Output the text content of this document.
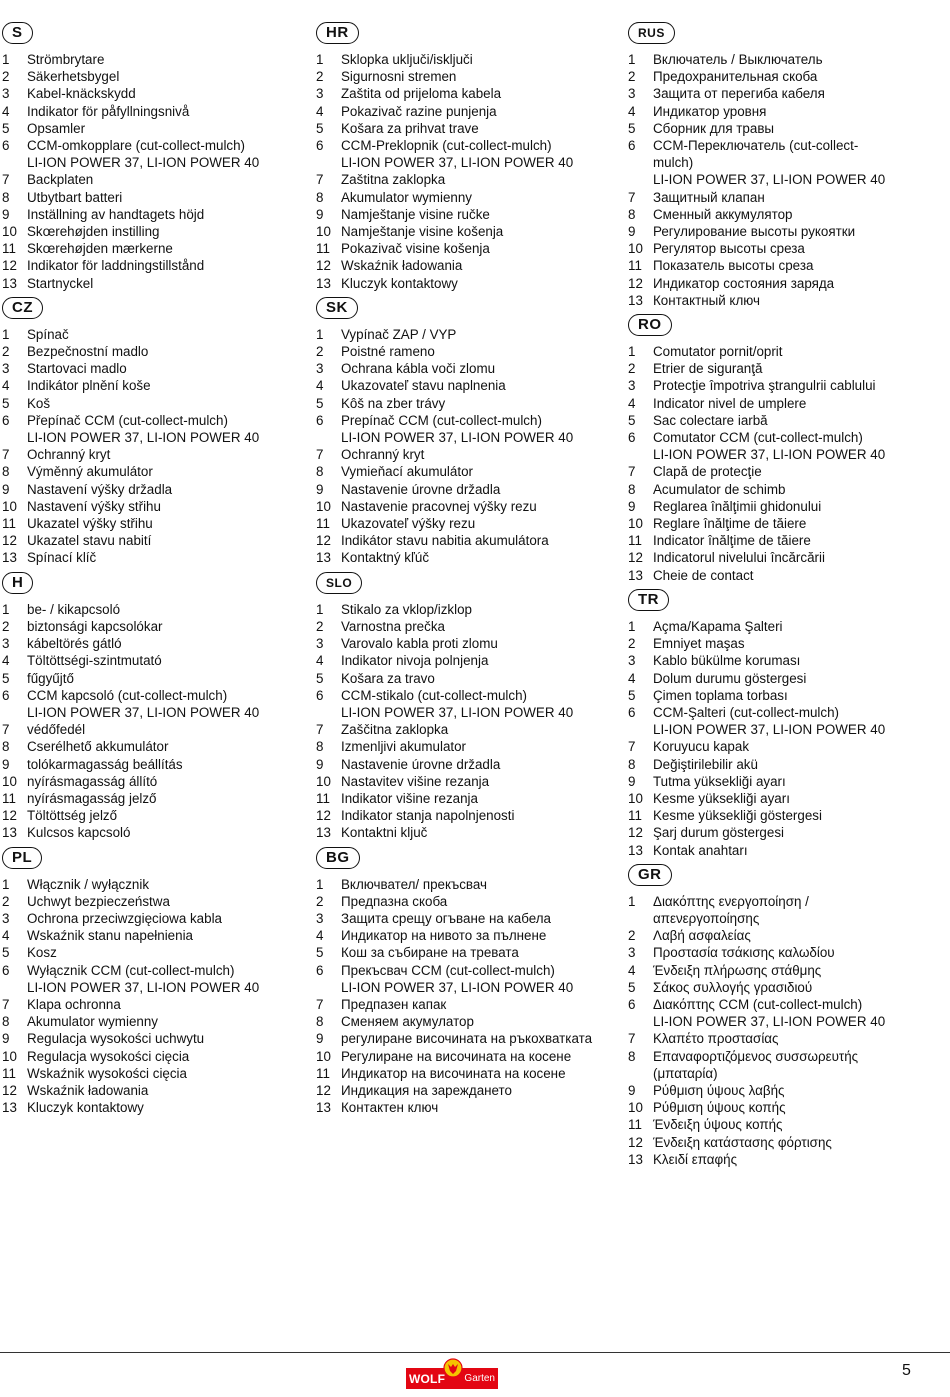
S
1	Strömbrytare
2	Säkerhetsbygel
3	Kabel-knäckskydd
4	Indikator för påfyllningsnivå
5	Opsamler
6	CCM-omkopplare (cut-collect-mulch)
LI-ION POWER 37, LI-ION POWER 40
7	Backplaten
8	Utbytbart batteri
9	Inställning av handtagets höjd
10 Skœrehøjden instilling
11 Skœrehøjden mærkerne
12 Indikator för laddningstillstånd
13 Startnyckel
CZ
1	Spínač
2	Bezpečnostní madlo
3	Startovaci madlo
4	Indikátor plnění koše
5	Koš
6	Přepínač CCM (cut-collect-mulch)
LI-ION POWER 37, LI-ION POWER 40
7	Ochranný kryt
8	Výměnný akumulátor
9	Nastavení výšky držadla
10 Nastavení výšky střihu
11 Ukazatel výšky střihu
12 Ukazatel stavu nabití
13 Spínací klíč
H
1	be- / kikapcsoló
2	biztonsági kapcsolókar
3	kábeltörés gátló
4	Töltöttségi-szintmutató
5	fűgyűjtő
6	CCM kapcsoló (cut-collect-mulch)
LI-ION POWER 37, LI-ION POWER 40
7	védőfedél
8	Cserélhető akkumulátor
9	tolókarmagasság beállítás
10 nyírásmagasság állító
11 nyírásmagasság jelző
12 Töltöttség jelző
13 Kulcsos kapcsoló
PL
1	Włącznik / wyłącznik
2	Uchwyt bezpieczeństwa
3	Ochrona przeciwzgięciowa kabla
4	Wskaźnik stanu napełnienia
5	Kosz
6	Wyłącznik CCM (cut-collect-mulch)
LI-ION POWER 37, LI-ION POWER 40
7	Klapa ochronna
8	Akumulator wymienny
9	Regulacja wysokości uchwytu
10 Regulacja wysokości cięcia
11 Wskaźnik wysokości cięcia
12 Wskaźnik ładowania
13 Kluczyk kontaktowy
HR
1	Sklopka uključi/isključi
2	Sigurnosni stremen
3	Zaštita od prijeloma kabela
4	Pokazivač razine punjenja
5	Košara za prihvat trave
6	CCM-Preklopnik (cut-collect-mulch)
LI-ION POWER 37, LI-ION POWER 40
7	Zaštitna zaklopka
8	Akumulator wymienny
9	Namještanje visine ručke
10 Namještanje visine košenja
11 Pokazivač visine košenja
12 Wskaźnik ładowania
13 Kluczyk kontaktowy
SK
1	Vypínač ZAP / VYP
2	Poistné rameno
3	Ochrana kábla voči zlomu
4	Ukazovateľ stavu naplnenia
5	Kôš na zber trávy
6	Prepínač CCM (cut-collect-mulch)
LI-ION POWER 37, LI-ION POWER 40
7	Ochranný kryt
8	Vymieňací akumulátor
9	Nastavenie úrovne držadla
10 Nastavenie pracovnej výšky rezu
11 Ukazovateľ výšky rezu
12 Indikátor stavu nabitia akumulátora
13 Kontaktný kľúč
SLO
1	Stikalo za vklop/izklop
2	Varnostna prečka
3	Varovalo kabla proti zlomu
4	Indikator nivoja polnjenja
5	Košara za travo
6	CCM-stikalo (cut-collect-mulch)
LI-ION POWER 37, LI-ION POWER 40
7	Zaščitna zaklopka
8	Izmenljivi akumulator
9	Nastavenie úrovne držadla
10 Nastavitev višine rezanja
11 Indikator višine rezanja
12 Indikator stanja napolnjenosti
13 Kontaktni ključ
BG
1	Включвател/ прекъсвач
2	Предпазна скоба
3	Защита срещу огъване на кабела
4	Индикатор на нивото за пълнене
5	Кош за събиране на тревата
6	Прекъсвач CCM (cut-collect-mulch)
LI-ION POWER 37, LI-ION POWER 40
7	Предпазен капак
8	Сменяем акумулатор
9	регулиране височината на ръкохватката
10 Регулиране на височината на косене
11 Индикатор на височината на косене
12 Индикация на зареждането
13 Контактен ключ
RUS
1	Включатель / Выключатель
2	Предохранительная скоба
3	Защита от перегиба кабеля
4	Индикатор уровня
5	Сборник для травы
6	CCM-Переключатель (cut-collect-
mulch)
LI-ION POWER 37, LI-ION POWER 40
7	Защитный клапан
8	Сменный аккумулятор
9	Регулирование высоты рукоятки
10 Регулятор высоты среза
11 Показатель высоты среза
12 Индикатор состояния заряда
13 Контактный ключ
RO
1	Comutator pornit/oprit
2	Etrier de siguranţă
3	Protecţie împotriva ştrangulrii cablului
4	Indicator nivel de umplere
5	Sac colectare iarbă
6	Comutator CCM (cut-collect-mulch)
LI-ION POWER 37, LI-ION POWER 40
7	Clapă de protecţie
8	Acumulator de schimb
9	Reglarea înălţimii ghidonului
10 Reglare înălţime de tăiere
11 Indicator înălţime de tăiere
12 Indicatorul nivelului încărcării
13 Cheie de contact
TR
1	Açma/Kapama Şalteri
2	Emniyet maşas
3	Kablo bükülme koruması
4	Dolum durumu göstergesi
5	Çimen toplama torbası
6	CCM-Şalteri (cut-collect-mulch)
LI-ION POWER 37, LI-ION POWER 40
7	Koruyucu kapak
8	Değiştirilebilir akü
9	Tutma yüksekliği ayarı
10 Kesme yüksekliği ayarı
11 Kesme yüksekliği göstergesi
12 Şarj durum göstergesi
13 Kontak anahtarı
GR
1	Διακόπτης ενεργοποίηση /
απενεργοποίησης
2	Λαβή ασφαλείας
3	Προστασία τσάκισης καλωδίου
4	Ένδειξη πλήρωσης στάθμης
5	Σάκος συλλογής γρασιδιού
6	Διακόπτης CCM (cut-collect-mulch)
LI-ION POWER 37, LI-ION POWER 40
7	Κλαπέτο προστασίας
8	Επαναφορτιζόμενος συσσωρευτής
(μπαταρία)
9	Ρύθμιση ύψους λαβής
10 Ρύθμιση ύψους κοπής
11 Ένδειξη ύψους κοπής
12 Ένδειξη κατάστασης φόρτισης
13 Κλειδί επαφής
WOLF Garten	5
